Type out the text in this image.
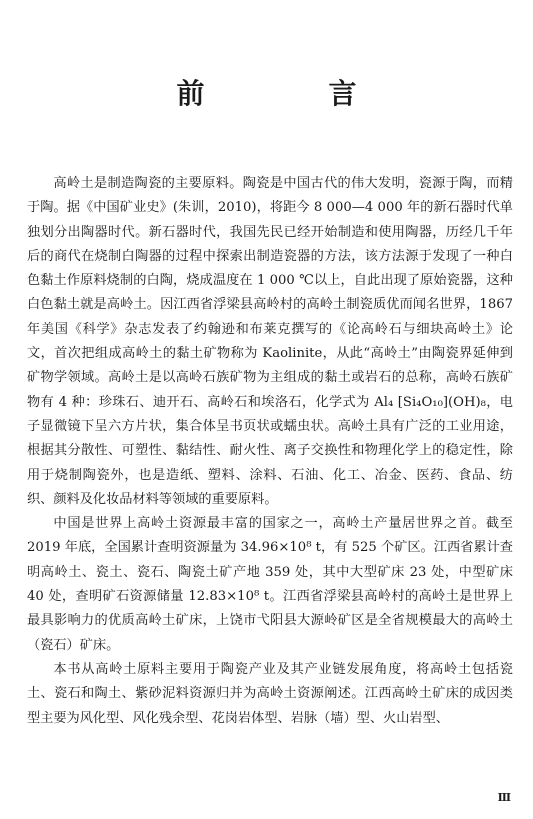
前　言

高岭土是制造陶瓷的主要原料。陶瓷是中国古代的伟大发明，瓷源于陶，而精于陶。据《中国矿业史》(朱训，2010)，将距今 8 000—4 000 年的新石器时代单独划分出陶器时代。新石器时代，我国先民已经开始制造和使用陶器，历经几千年后的商代在烧制白陶器的过程中探索出制造瓷器的方法，该方法源于发现了一种白色黏土作原料烧制的白陶，烧成温度在 1 000 ℃以上，自此出现了原始瓷器，这种白色黏土就是高岭土。因江西省浮梁县高岭村的高岭土制瓷质优而闻名世界，1867 年美国《科学》杂志发表了约翰逊和布莱克撰写的《论高岭石与细块高岭土》论文，首次把组成高岭土的黏土矿物称为 Kaolinite，从此“高岭土”由陶瓷界延伸到矿物学领域。高岭土是以高岭石族矿物为主组成的黏土或岩石的总称，高岭石族矿物有 4 种：珍珠石、迪开石、高岭石和埃洛石，化学式为 Al₄ [Si₄O₁₀](OH)₈，电子显微镜下呈六方片状，集合体呈书页状或蠕虫状。高岭土具有广泛的工业用途，根据其分散性、可塑性、黏结性、耐火性、离子交换性和物理化学上的稳定性，除用于烧制陶瓷外，也是造纸、塑料、涂料、石油、化工、冶金、医药、食品、纺织、颜料及化妆品材料等领域的重要原料。

中国是世界上高岭土资源最丰富的国家之一，高岭土产量居世界之首。截至 2019 年底，全国累计查明资源量为 34.96×10⁸ t，有 525 个矿区。江西省累计查明高岭土、瓷土、瓷石、陶瓷土矿产地 359 处，其中大型矿床 23 处，中型矿床 40 处，查明矿石资源储量 12.83×10⁸ t。江西省浮梁县高岭村的高岭土是世界上最具影响力的优质高岭土矿床，上饶市弋阳县大源岭矿区是全省规模最大的高岭土（瓷石）矿床。

本书从高岭土原料主要用于陶瓷产业及其产业链发展角度，将高岭土包括瓷土、瓷石和陶土、紫砂泥料资源归并为高岭土资源阐述。江西高岭土矿床的成因类型主要为风化型、风化残余型、花岗岩体型、岩脉（墙）型、火山岩型、

Ⅲ
